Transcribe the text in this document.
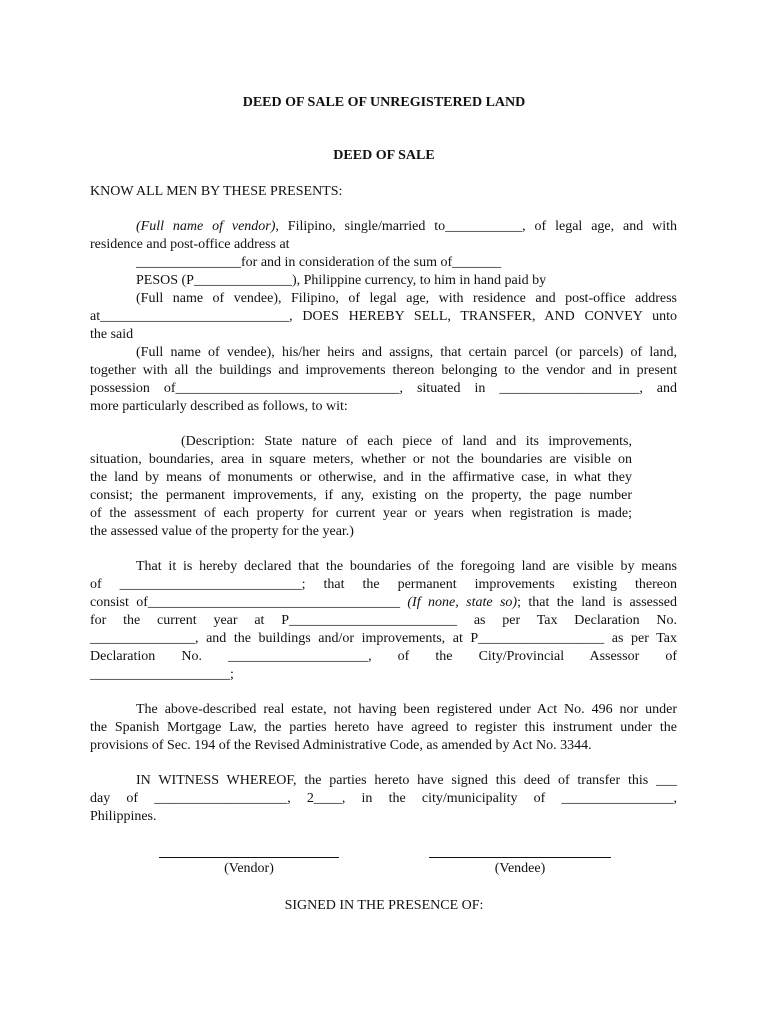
DEED OF SALE OF UNREGISTERED LAND
DEED OF SALE
KNOW ALL MEN BY THESE PRESENTS:
(Full name of vendor), Filipino, single/married to___________, of legal age, and with
residence and post-office address at
_______________for and in consideration of the sum of_______
PESOS (P______________), Philippine currency, to him in hand paid by
(Full name of vendee), Filipino, of legal age, with residence and post-office address
at___________________________, DOES HEREBY SELL, TRANSFER, AND CONVEY unto
the said
(Full name of vendee), his/her heirs and assigns, that certain parcel (or parcels) of land,
together with all the buildings and improvements thereon belonging to the vendor and in present
possession of________________________________, situated in ____________________, and
more particularly described as follows, to wit:
(Description: State nature of each piece of land and its improvements,
situation, boundaries, area in square meters, whether or not the boundaries are visible on
the land by means of monuments or otherwise, and in the affirmative case, in what they
consist; the permanent improvements, if any, existing on the property, the page number
of the assessment of each property for current year or years when registration is made;
the assessed value of the property for the year.)
That it is hereby declared that the boundaries of the foregoing land are visible by means
of __________________________; that the permanent improvements existing thereon
consist of____________________________________ (If none, state so); that the land is assessed
for the current year at P________________________ as per Tax Declaration No.
_______________, and the buildings and/or improvements, at P__________________ as per Tax
Declaration No. ____________________, of the City/Provincial Assessor of
____________________;
The above-described real estate, not having been registered under Act No. 496 nor under
the Spanish Mortgage Law, the parties hereto have agreed to register this instrument under the
provisions of Sec. 194 of the Revised Administrative Code, as amended by Act No. 3344.
IN WITNESS WHEREOF, the parties hereto have signed this deed of transfer this ___
day of ___________________, 2____, in the city/municipality of ________________,
Philippines.
(Vendor)	(Vendee)
SIGNED IN THE PRESENCE OF:
